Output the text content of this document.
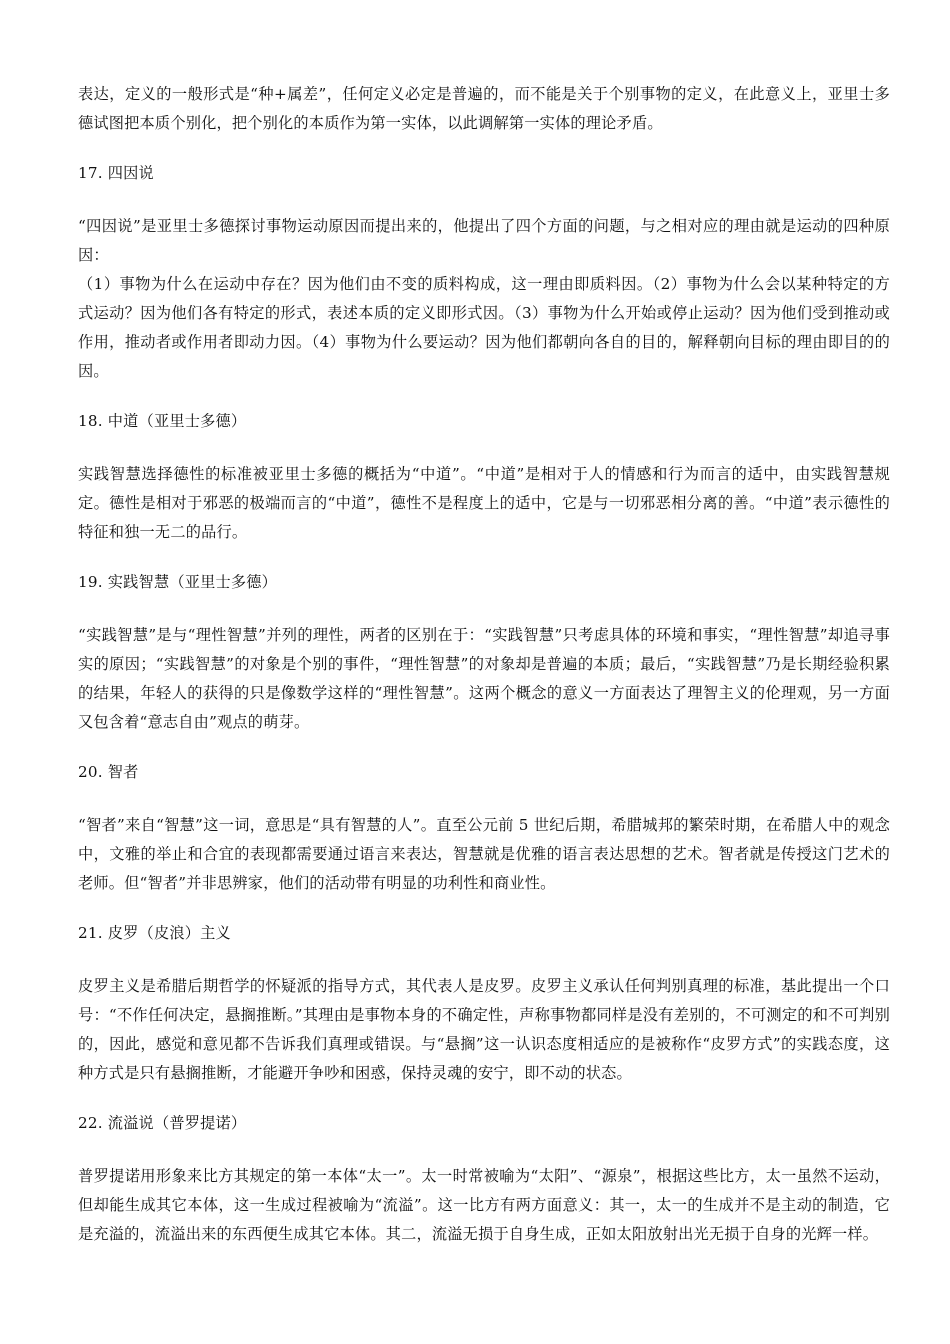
表达，定义的一般形式是“种+属差”，任何定义必定是普遍的，而不能是关于个别事物的定义，在此意义上，亚里士多德试图把本质个别化，把个别化的本质作为第一实体，以此调解第一实体的理论矛盾。

17. 四因说

“四因说”是亚里士多德探讨事物运动原因而提出来的，他提出了四个方面的问题，与之相对应的理由就是运动的四种原因：

（1）事物为什么在运动中存在？因为他们由不变的质料构成，这一理由即质料因。（2）事物为什么会以某种特定的方式运动？因为他们各有特定的形式，表述本质的定义即形式因。（3）事物为什么开始或停止运动？因为他们受到推动或作用，推动者或作用者即动力因。（4）事物为什么要运动？因为他们都朝向各自的目的，解释朝向目标的理由即目的的因。

18. 中道（亚里士多德）

实践智慧选择德性的标准被亚里士多德的概括为“中道”。“中道”是相对于人的情感和行为而言的适中，由实践智慧规定。德性是相对于邪恶的极端而言的“中道”，德性不是程度上的适中，它是与一切邪恶相分离的善。“中道”表示德性的特征和独一无二的品行。

19. 实践智慧（亚里士多德）

“实践智慧”是与“理性智慧”并列的理性，两者的区别在于：“实践智慧”只考虑具体的环境和事实，“理性智慧”却追寻事实的原因；“实践智慧”的对象是个别的事件，“理性智慧”的对象却是普遍的本质；最后，“实践智慧”乃是长期经验积累的结果，年轻人的获得的只是像数学这样的“理性智慧”。这两个概念的意义一方面表达了理智主义的伦理观，另一方面又包含着“意志自由”观点的萌芽。

20. 智者

“智者”来自“智慧”这一词，意思是“具有智慧的人”。直至公元前 5 世纪后期，希腊城邦的繁荣时期，在希腊人中的观念中，文雅的举止和合宜的表现都需要通过语言来表达，智慧就是优雅的语言表达思想的艺术。智者就是传授这门艺术的老师。但“智者”并非思辨家，他们的活动带有明显的功利性和商业性。

21. 皮罗（皮浪）主义

皮罗主义是希腊后期哲学的怀疑派的指导方式，其代表人是皮罗。皮罗主义承认任何判别真理的标准，基此提出一个口号：“不作任何决定，悬搁推断。”其理由是事物本身的不确定性，声称事物都同样是没有差别的，不可测定的和不可判别的，因此，感觉和意见都不告诉我们真理或错误。与“悬搁”这一认识态度相适应的是被称作“皮罗方式”的实践态度，这种方式是只有悬搁推断，才能避开争吵和困惑，保持灵魂的安宁，即不动的状态。

22. 流溢说（普罗提诺）

普罗提诺用形象来比方其规定的第一本体“太一”。太一时常被喻为“太阳”、“源泉”，根据这些比方，太一虽然不运动，但却能生成其它本体，这一生成过程被喻为“流溢”。这一比方有两方面意义：其一，太一的生成并不是主动的制造，它是充溢的，流溢出来的东西便生成其它本体。其二，流溢无损于自身生成，正如太阳放射出光无损于自身的光辉一样。
